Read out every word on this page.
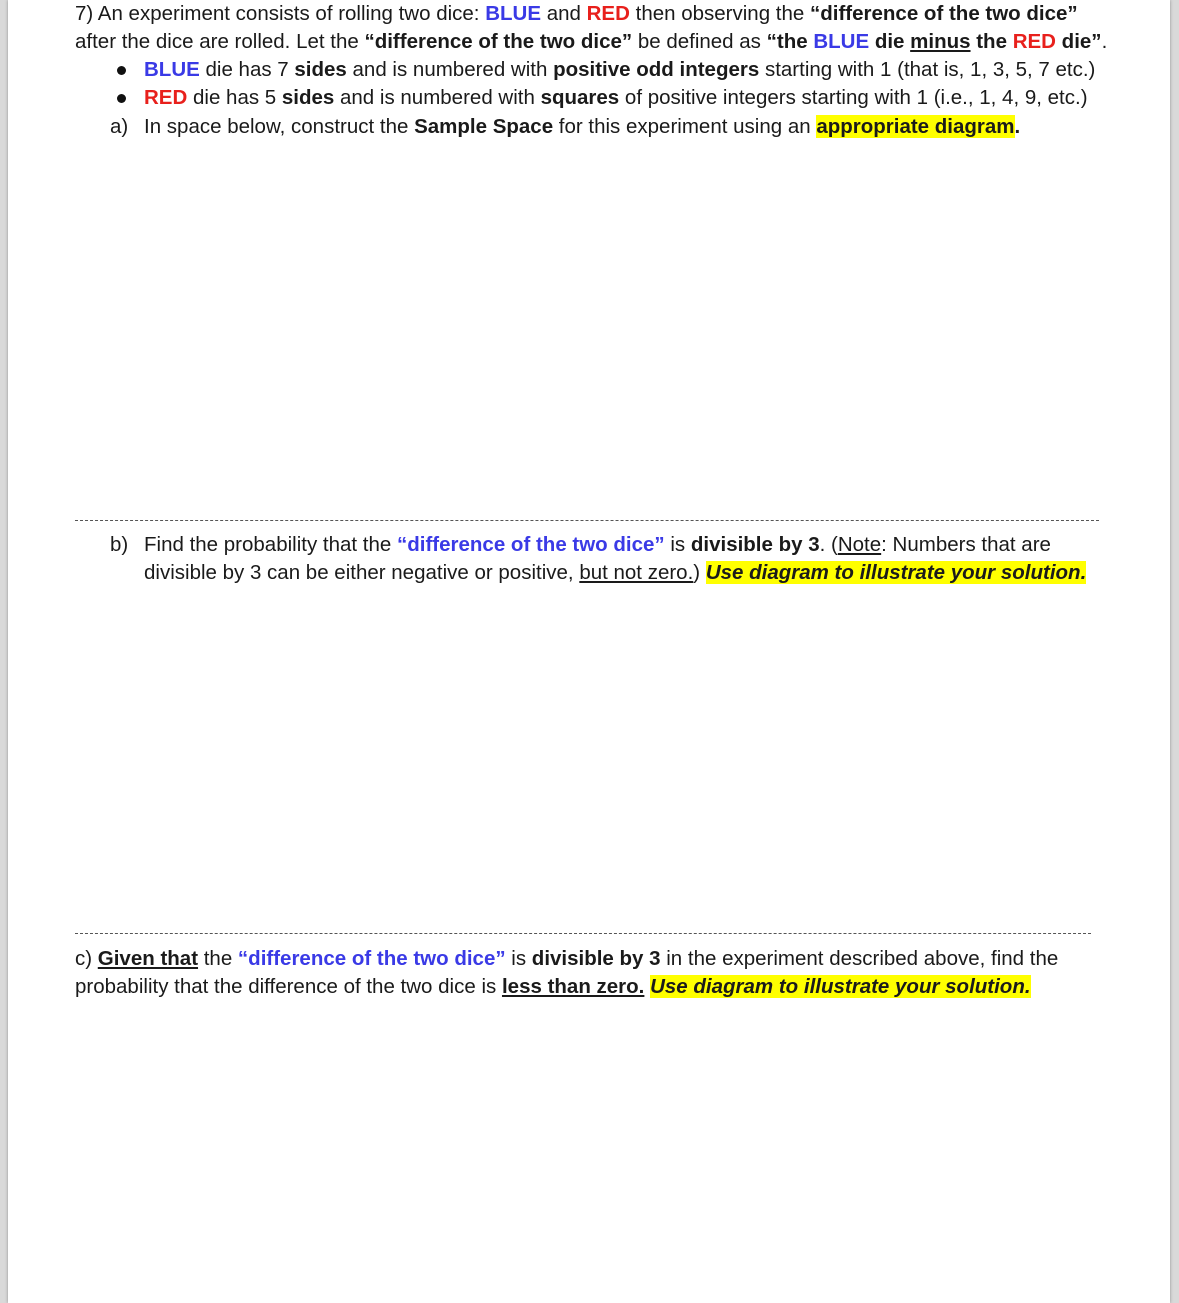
7) An experiment consists of rolling two dice: BLUE and RED then observing the “difference of the two dice”
after the dice are rolled. Let the “difference of the two dice” be defined as “the BLUE die minus the RED die”.
BLUE die has 7 sides and is numbered with positive odd integers starting with 1 (that is, 1, 3, 5, 7 etc.)
RED die has 5 sides and is numbered with squares of positive integers starting with 1 (i.e., 1, 4, 9, etc.)
a) In space below, construct the Sample Space for this experiment using an appropriate diagram.
b) Find the probability that the “difference of the two dice” is divisible by 3. (Note: Numbers that are
divisible by 3 can be either negative or positive, but not zero.) Use diagram to illustrate your solution.
c) Given that the “difference of the two dice” is divisible by 3 in the experiment described above, find the
probability that the difference of the two dice is less than zero. Use diagram to illustrate your solution.
